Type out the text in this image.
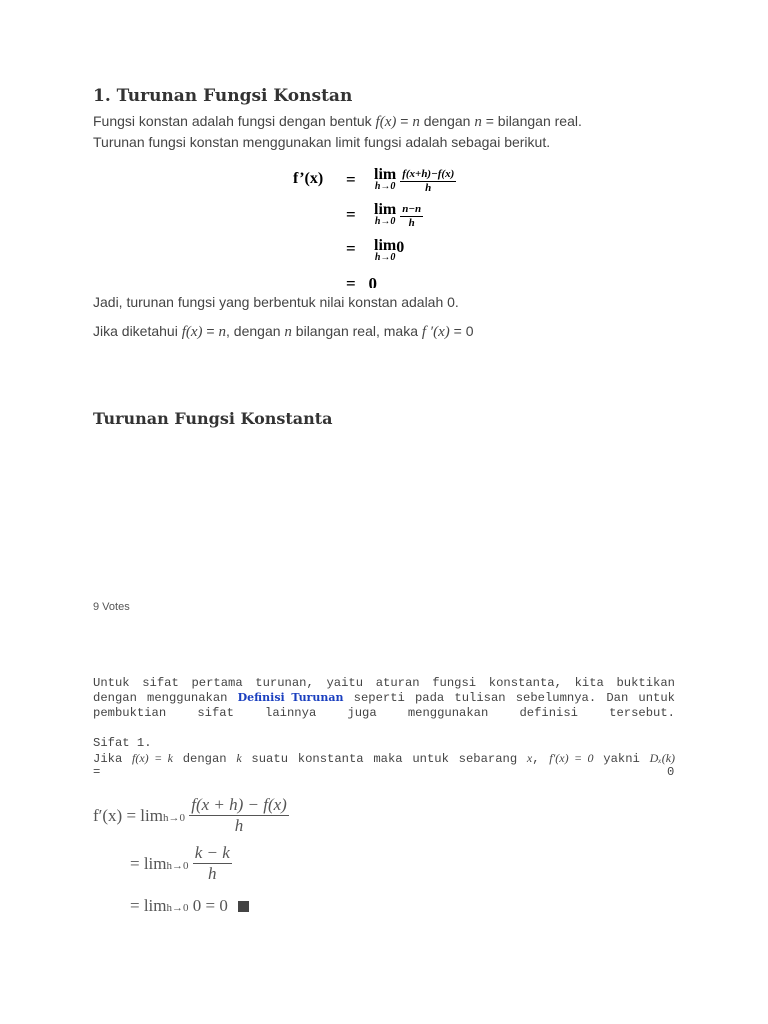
1. Turunan Fungsi Konstan
Fungsi konstan adalah fungsi dengan bentuk f(x) = n dengan n = bilangan real.
Turunan fungsi konstan menggunakan limit fungsi adalah sebagai berikut.
f’(x) = lim
h→0
$\frac{f(x+h)-f(x)}{h}$
= lim
h→0
$\frac{n-n}{h}$
= lim
h→0
0
= 0
Jadi, turunan fungsi yang berbentuk nilai konstan adalah 0.
Jika diketahui f(x) = n, dengan n bilangan real, maka f ′(x) = 0
Turunan Fungsi Konstanta
9 Votes
Untuk sifat pertama turunan, yaitu aturan fungsi konstanta, kita buktikan
dengan menggunakan Definisi Turunan seperti pada tulisan sebelumnya. Dan untuk
pembuktian sifat lainnya juga menggunakan definisi tersebut.
Sifat 1.
Jika f(x) = k dengan k suatu konstanta maka untuk sebarang x, f′(x) = 0 yakni Dₓ(k)
=	0
$f'(x) = \lim h\to 0 \frac{f(x + h) - f(x)}{h}$
= $\lim h\to 0 \frac{k - k}{h}$
= limh→0 0 = 0
